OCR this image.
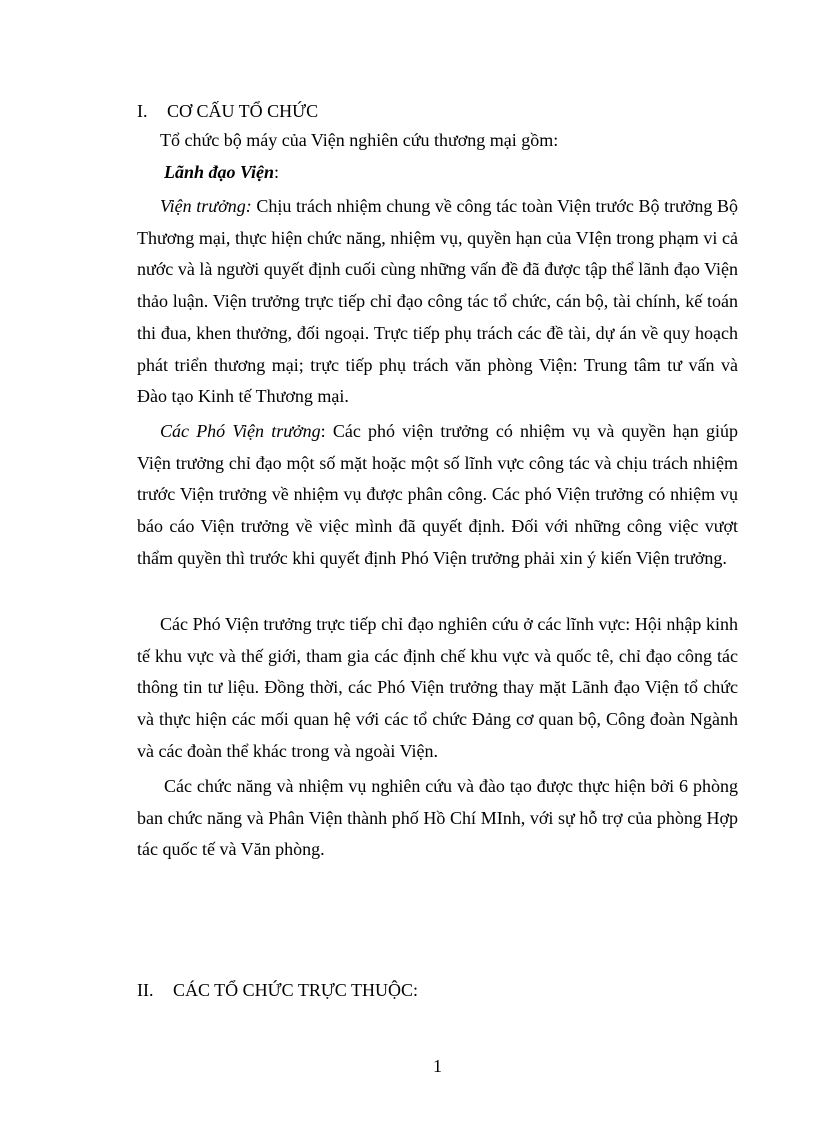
I. CƠ CẤU TỔ CHỨC
Tổ chức bộ máy của Viện nghiên cứu thương mại gồm:
Lãnh đạo Viện:

Viện trưởng: Chịu trách nhiệm chung về công tác toàn Viện trước Bộ trưởng Bộ Thương mại, thực hiện chức năng, nhiệm vụ, quyền hạn của VIện trong phạm vi cả nước và là người quyết định cuối cùng những vấn đề đã được tập thể lãnh đạo Viện thảo luận. Viện trưởng trực tiếp chỉ đạo công tác tổ chức, cán bộ, tài chính, kế toán thi đua, khen thưởng, đối ngoại. Trực tiếp phụ trách các đề tài, dự án về quy hoạch phát triển thương mại; trực tiếp phụ trách văn phòng Viện: Trung tâm tư vấn và Đào tạo Kinh tế Thương mại.

Các Phó Viện trưởng: Các phó viện trưởng có nhiệm vụ và quyền hạn giúp Viện trưởng chỉ đạo một số mặt hoặc một số lĩnh vực công tác và chịu trách nhiệm trước Viện trưởng về nhiệm vụ được phân công. Các phó Viện trưởng có nhiệm vụ báo cáo Viện trưởng về việc mình đã quyết định. Đối với những công việc vượt thẩm quyền thì trước khi quyết định Phó Viện trưởng phải xin ý kiến Viện trưởng.

Các Phó Viện trưởng trực tiếp chỉ đạo nghiên cứu ở các lĩnh vực: Hội nhập kinh tế khu vực và thế giới, tham gia các định chế khu vực và quốc tê, chỉ đạo công tác thông tin tư liệu. Đồng thời, các Phó Viện trưởng thay mặt Lãnh đạo Viện tổ chức và thực hiện các mối quan hệ với các tổ chức Đảng cơ quan bộ, Công đoàn Ngành và các đoàn thể khác trong và ngoài Viện.

Các chức năng và nhiệm vụ nghiên cứu và đào tạo được thực hiện bởi 6 phòng ban chức năng và Phân Viện thành phố Hồ Chí MInh, với sự hỗ trợ của phòng Hợp tác quốc tế và Văn phòng.

II. CÁC TỔ CHỨC TRỰC THUỘC:
1
